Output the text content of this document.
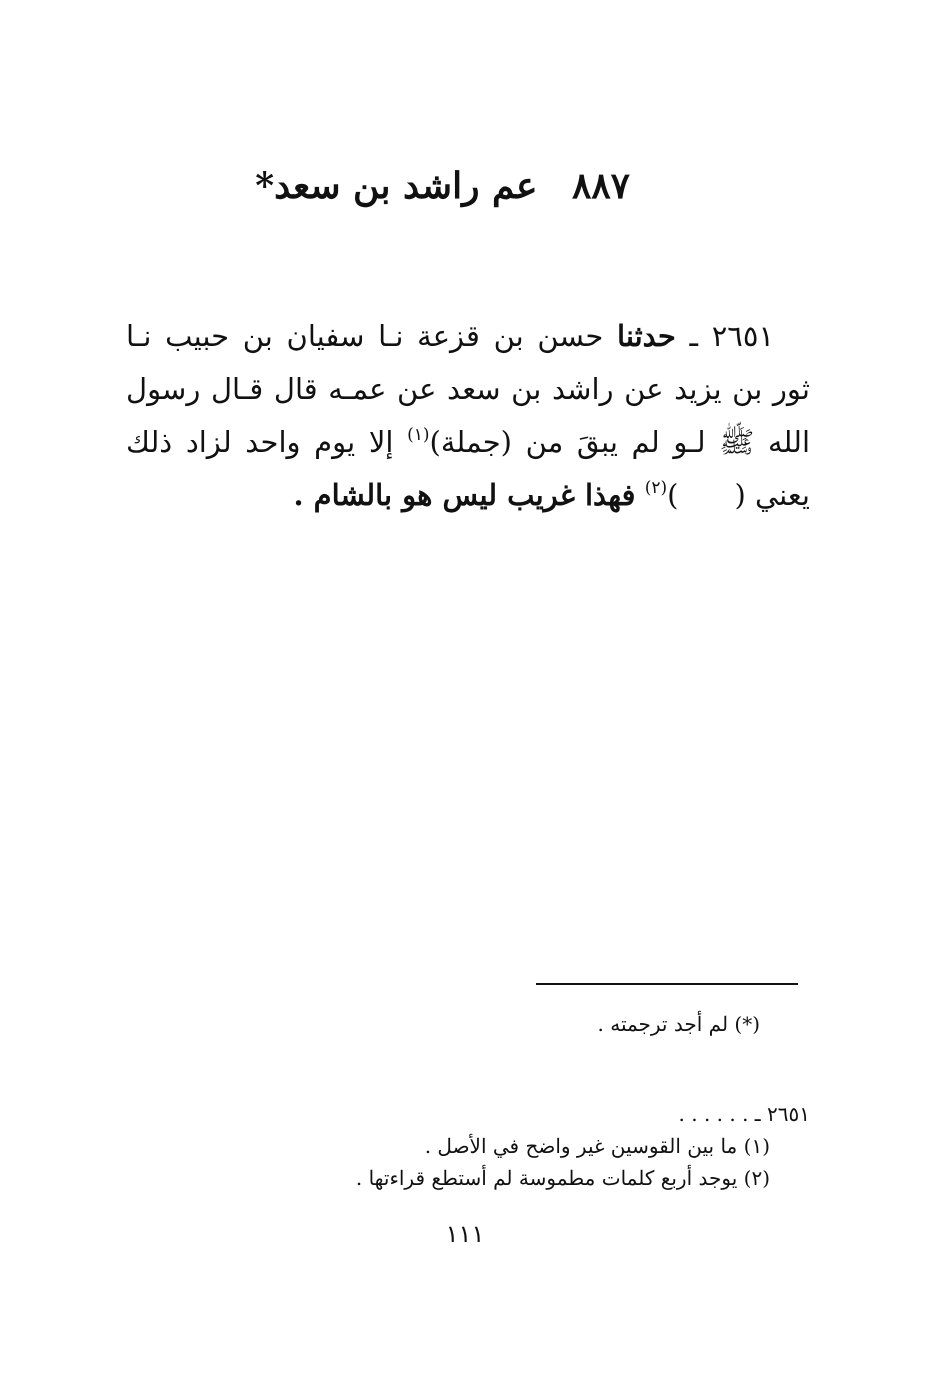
٨٨٧ عم راشد بن سعد*

٢٦٥١ ـ حدثنا حسن بن قزعة نـا سفيان بن حبيب نـا ثور بن يزيد عن راشد بن سعد عن عمـه قال قـال رسول الله ﷺ لـو لم يبقَ من (جملة)$^{(١)}$ إلا يوم واحد لزاد ذلك يعني ()$^{(٢)}$ فهذا غريب ليس هو بالشام .

(*) لم أجد ترجمته .

٢٦٥١ ـ . . . . . .

(١) ما بين القوسين غير واضح في الأصل .

(٢) يوجد أربع كلمات مطموسة لم أستطع قراءتها .

١١١
